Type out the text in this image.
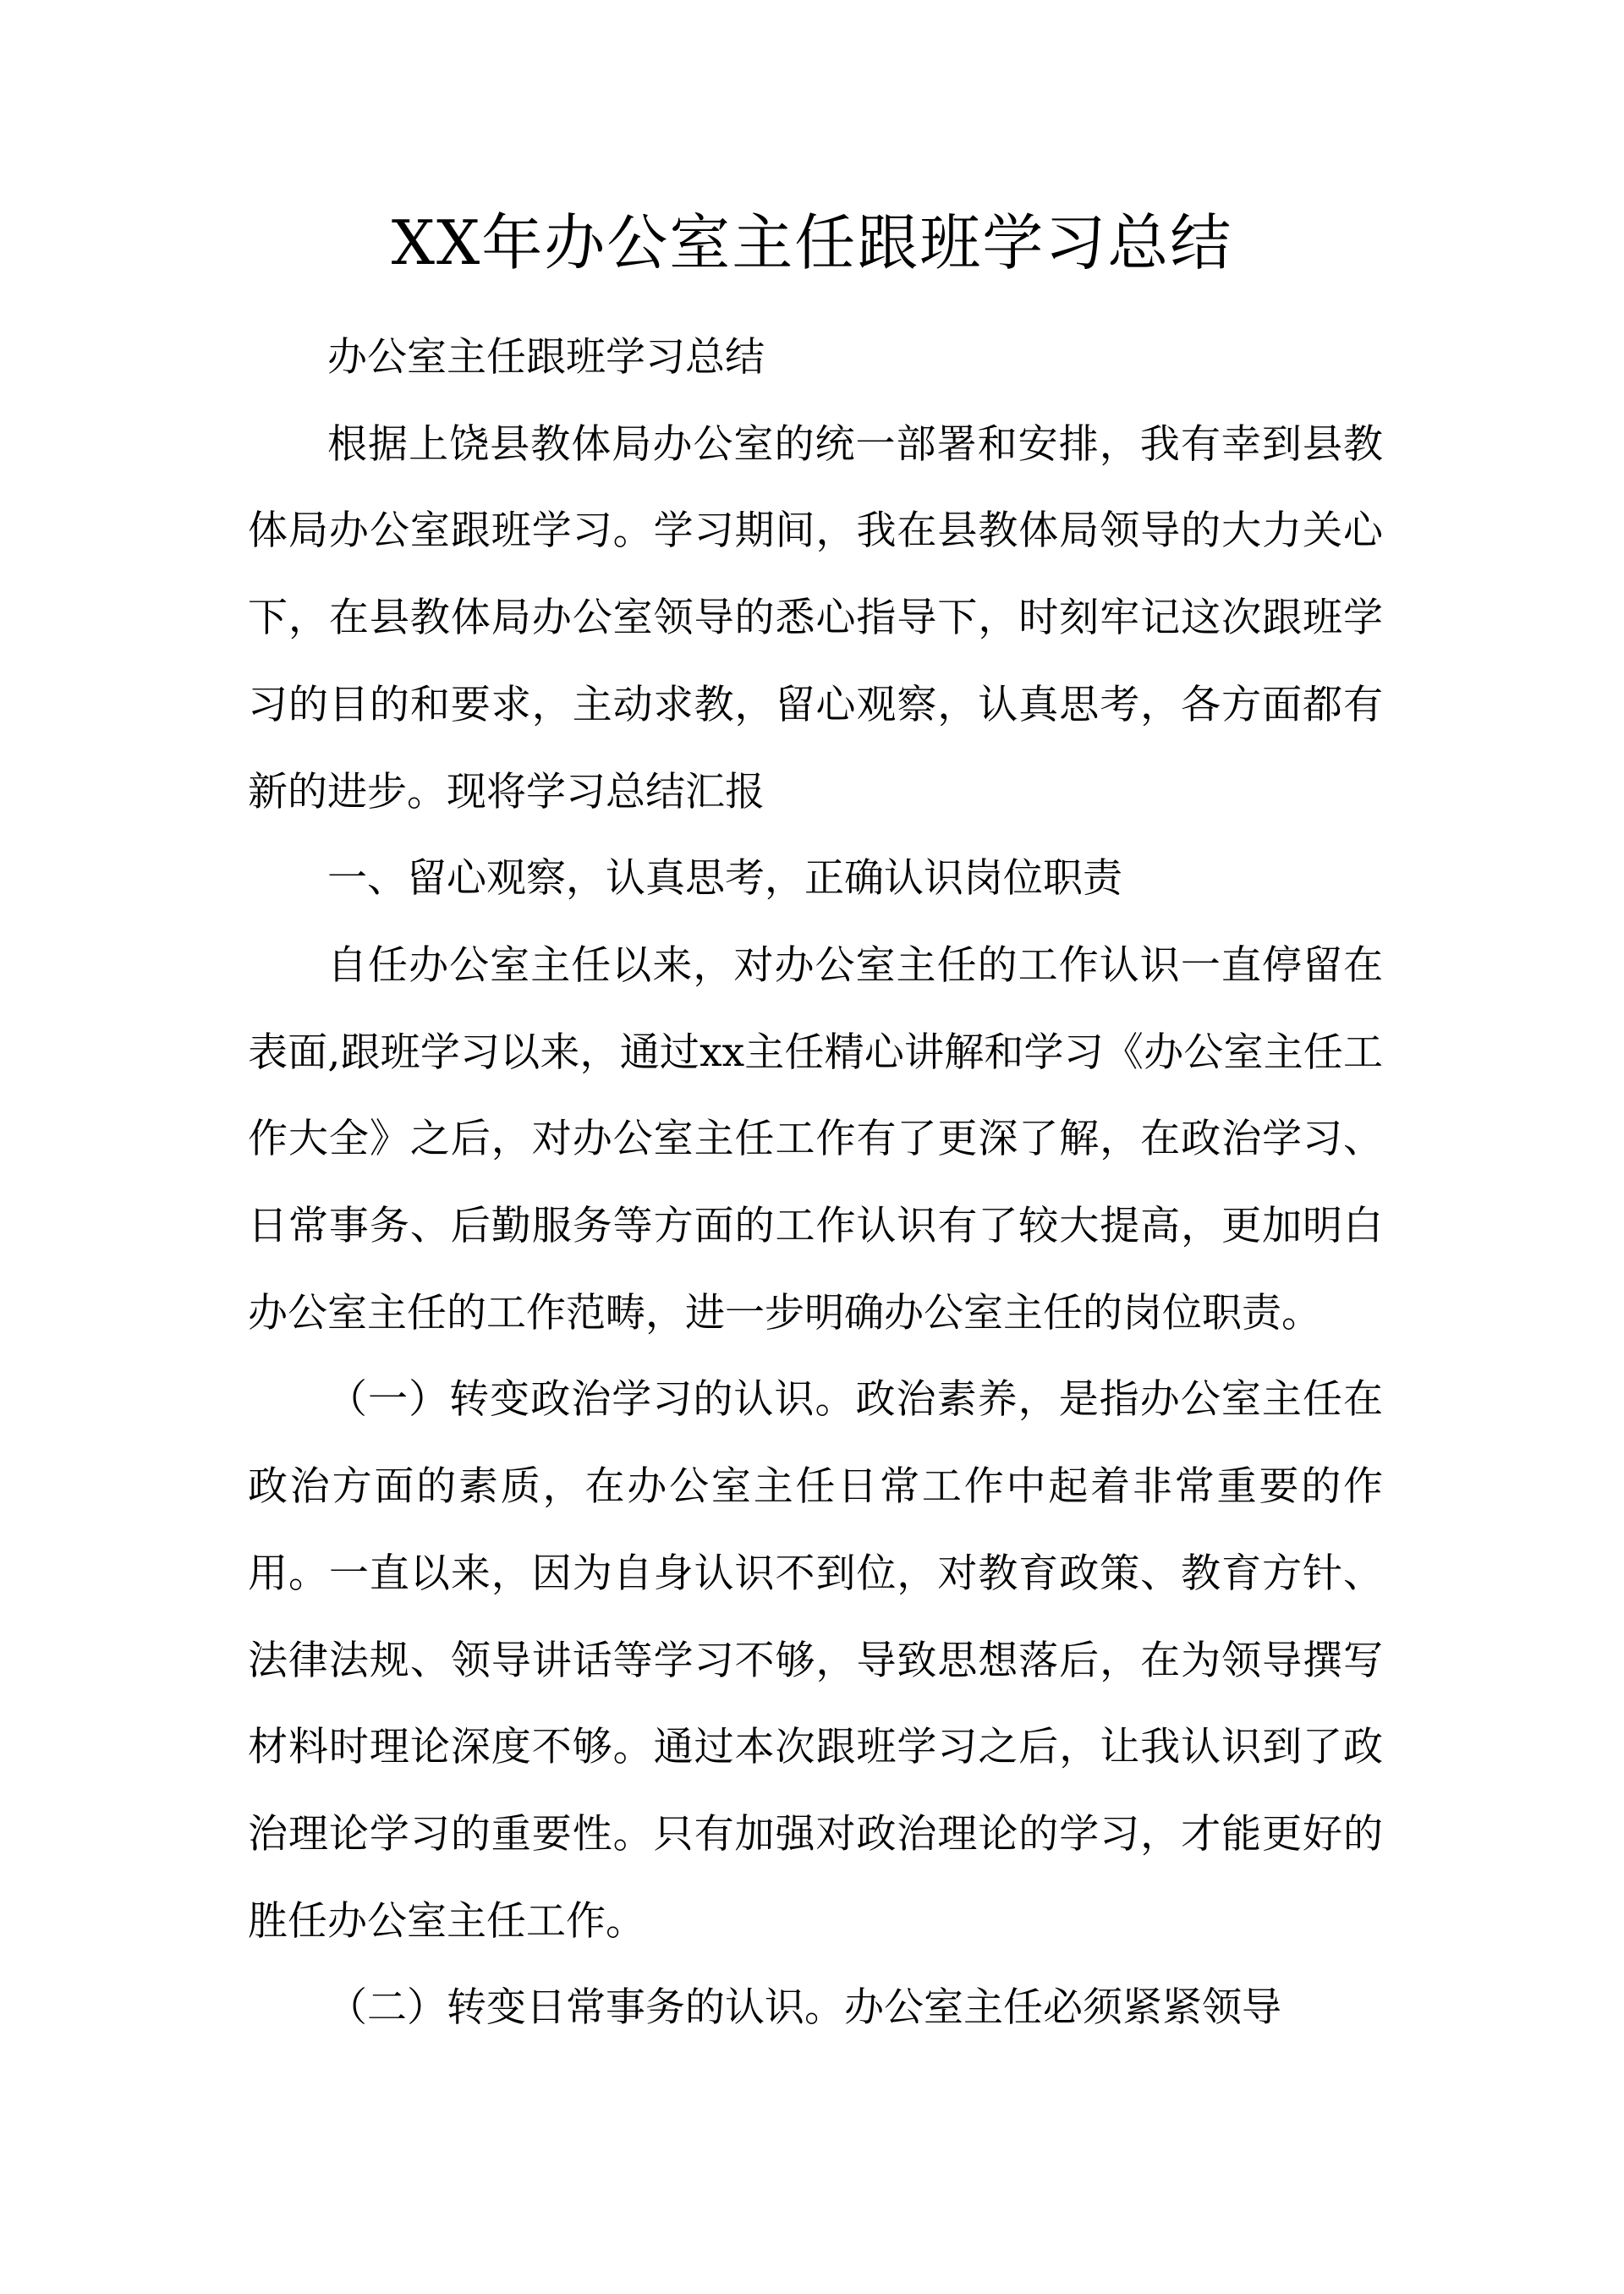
XX年办公室主任跟班学习总结

办公室主任跟班学习总结

根据上饶县教体局办公室的统一部署和安排，我有幸到县教体局办公室跟班学习。学习期间，我在县教体局领导的大力关心下，在县教体局办公室领导的悉心指导下，时刻牢记这次跟班学习的目的和要求，主动求教，留心观察，认真思考，各方面都有新的进步。现将学习总结汇报

一、留心观察，认真思考，正确认识岗位职责

自任办公室主任以来，对办公室主任的工作认识一直停留在表面,跟班学习以来，通过xx主任精心讲解和学习《办公室主任工作大全》之后，对办公室主任工作有了更深了解，在政治学习、日常事务、后勤服务等方面的工作认识有了较大提高，更加明白办公室主任的工作范畴，进一步明确办公室主任的岗位职责。

（一）转变政治学习的认识。政治素养，是指办公室主任在政治方面的素质，在办公室主任日常工作中起着非常重要的作用。一直以来，因为自身认识不到位，对教育政策、教育方针、法律法规、领导讲话等学习不够，导致思想落后，在为领导撰写材料时理论深度不够。通过本次跟班学习之后，让我认识到了政治理论学习的重要性。只有加强对政治理论的学习，才能更好的胜任办公室主任工作。

（二）转变日常事务的认识。办公室主任必须紧紧领导
